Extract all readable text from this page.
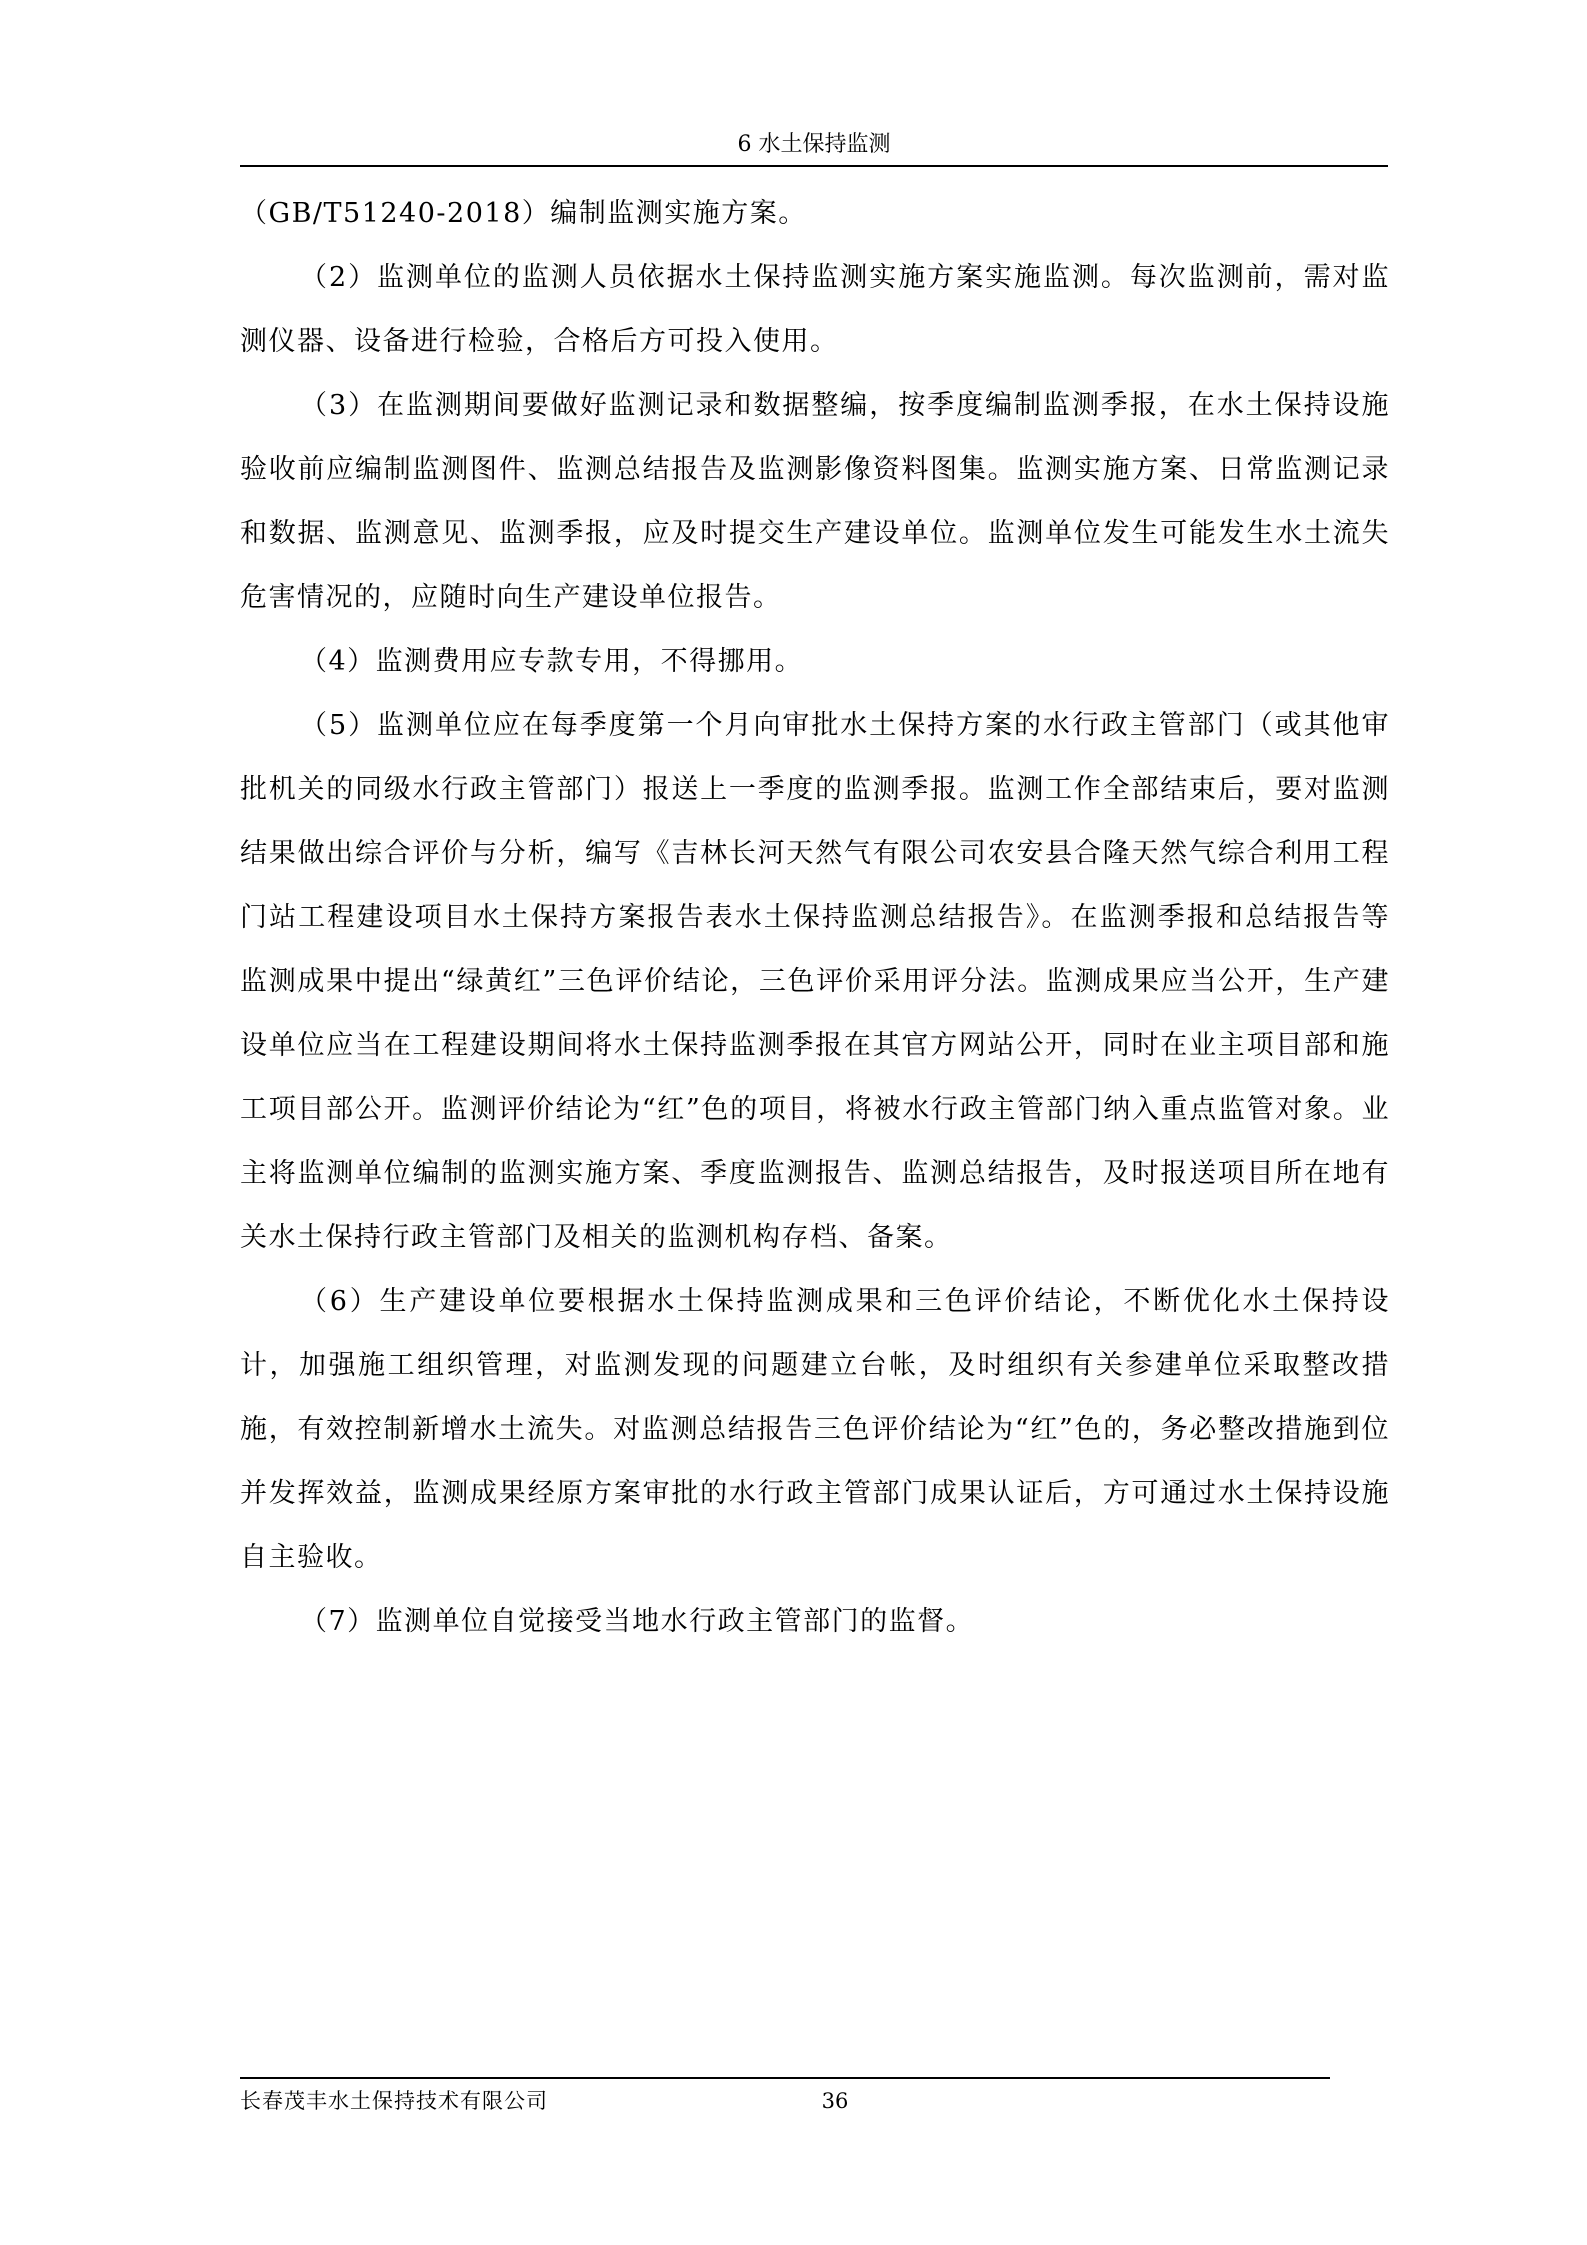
6 水土保持监测

（GB/T51240-2018）编制监测实施方案。

（2）监测单位的监测人员依据水土保持监测实施方案实施监测。每次监测前，需对监测仪器、设备进行检验，合格后方可投入使用。

（3）在监测期间要做好监测记录和数据整编，按季度编制监测季报，在水土保持设施验收前应编制监测图件、监测总结报告及监测影像资料图集。监测实施方案、日常监测记录和数据、监测意见、监测季报，应及时提交生产建设单位。监测单位发生可能发生水土流失危害情况的，应随时向生产建设单位报告。

（4）监测费用应专款专用，不得挪用。

（5）监测单位应在每季度第一个月向审批水土保持方案的水行政主管部门（或其他审批机关的同级水行政主管部门）报送上一季度的监测季报。监测工作全部结束后，要对监测结果做出综合评价与分析，编写《吉林长河天然气有限公司农安县合隆天然气综合利用工程门站工程建设项目水土保持方案报告表水土保持监测总结报告》。在监测季报和总结报告等监测成果中提出“绿黄红”三色评价结论，三色评价采用评分法。监测成果应当公开，生产建设单位应当在工程建设期间将水土保持监测季报在其官方网站公开，同时在业主项目部和施工项目部公开。监测评价结论为“红”色的项目，将被水行政主管部门纳入重点监管对象。业主将监测单位编制的监测实施方案、季度监测报告、监测总结报告，及时报送项目所在地有关水土保持行政主管部门及相关的监测机构存档、备案。

（6）生产建设单位要根据水土保持监测成果和三色评价结论，不断优化水土保持设计，加强施工组织管理，对监测发现的问题建立台帐，及时组织有关参建单位采取整改措施，有效控制新增水土流失。对监测总结报告三色评价结论为“红”色的，务必整改措施到位并发挥效益，监测成果经原方案审批的水行政主管部门成果认证后，方可通过水土保持设施自主验收。

（7）监测单位自觉接受当地水行政主管部门的监督。

长春茂丰水土保持技术有限公司	36
